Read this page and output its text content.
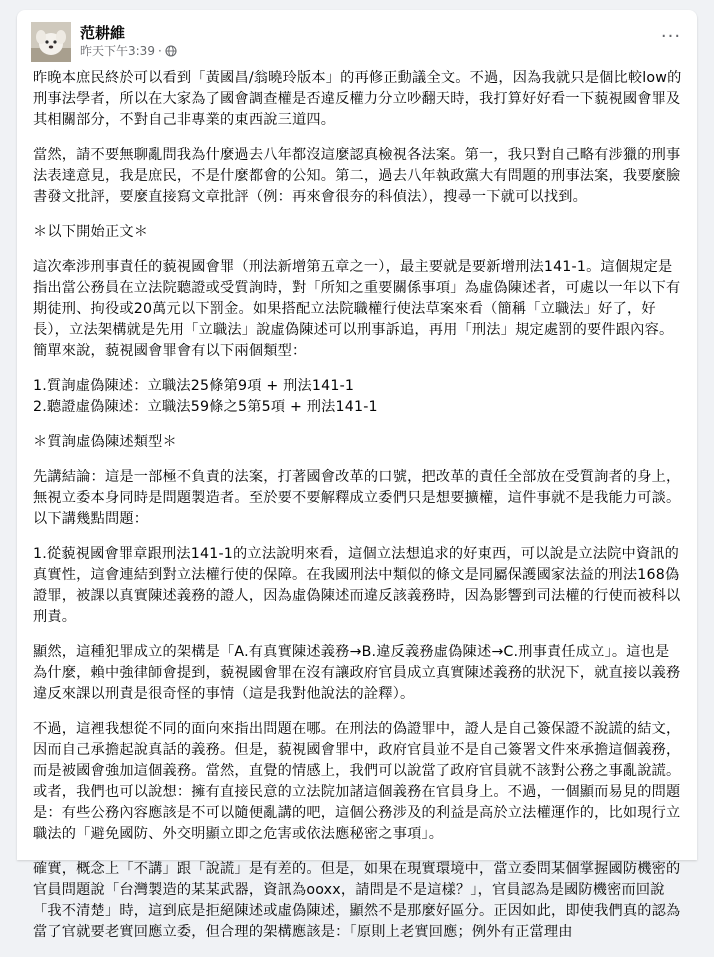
范耕維
昨天下午3:39 ·
···

昨晚本庶民終於可以看到「黃國昌/翁曉玲版本」的再修正動議全文。不過，因為我就只是個比較low的刑事法學者，所以在大家為了國會調查權是否違反權力分立吵翻天時，我打算好好看一下藐視國會罪及其相關部分，不對自己非專業的東西說三道四。

當然，請不要無聊亂問我為什麼過去八年都沒這麼認真檢視各法案。第一，我只對自己略有涉獵的刑事法表達意見，我是庶民，不是什麼都會的公知。第二，過去八年執政黨大有問題的刑事法案，我要麼臉書發文批評，要麼直接寫文章批評（例：再來會很夯的科偵法），搜尋一下就可以找到。

＊以下開始正文＊

這次牽涉刑事責任的藐視國會罪（刑法新增第五章之一），最主要就是要新增刑法141-1。這個規定是指出當公務員在立法院聽證或受質詢時，對「所知之重要關係事項」為虛偽陳述者，可處以一年以下有期徒刑、拘役或20萬元以下罰金。如果搭配立法院職權行使法草案來看（簡稱「立職法」好了，好長），立法架構就是先用「立職法」說虛偽陳述可以刑事訴追，再用「刑法」規定處罰的要件跟內容。簡單來說，藐視國會罪會有以下兩個類型：

1.質詢虛偽陳述：立職法25條第9項 + 刑法141-1

2.聽證虛偽陳述：立職法59條之5第5項 + 刑法141-1

＊質詢虛偽陳述類型＊

先講結論：這是一部極不負責的法案，打著國會改革的口號，把改革的責任全部放在受質詢者的身上，無視立委本身同時是問題製造者。至於要不要解釋成立委們只是想要擴權，這件事就不是我能力可談。以下講幾點問題：

1.從藐視國會罪章跟刑法141-1的立法說明來看，這個立法想追求的好東西，可以說是立法院中資訊的真實性，這會連結到對立法權行使的保障。在我國刑法中類似的條文是同屬保護國家法益的刑法168偽證罪，被課以真實陳述義務的證人，因為虛偽陳述而違反該義務時，因為影響到司法權的行使而被科以刑責。

顯然，這種犯罪成立的架構是「A.有真實陳述義務→B.違反義務虛偽陳述→C.刑事責任成立」。這也是為什麼，賴中強律師會提到，藐視國會罪在沒有讓政府官員成立真實陳述義務的狀況下，就直接以義務違反來課以刑責是很奇怪的事情（這是我對他說法的詮釋）。

不過，這裡我想從不同的面向來指出問題在哪。在刑法的偽證罪中，證人是自己簽保證不說謊的結文，因而自己承擔起說真話的義務。但是，藐視國會罪中，政府官員並不是自己簽署文件來承擔這個義務，而是被國會強加這個義務。當然，直覺的情感上，我們可以說當了政府官員就不該對公務之事亂說謊。或者，我們也可以說想：擁有直接民意的立法院加諸這個義務在官員身上。不過，一個顯而易見的問題是：有些公務內容應該是不可以隨便亂講的吧，這個公務涉及的利益是高於立法權運作的，比如現行立職法的「避免國防、外交明顯立即之危害或依法應秘密之事項」。

確實，概念上「不講」跟「說謊」是有差的。但是，如果在現實環境中，當立委問某個掌握國防機密的官員問題說「台灣製造的某某武器，資訊為ooxx，請問是不是這樣？」，官員認為是國防機密而回說「我不清楚」時，這到底是拒絕陳述或虛偽陳述，顯然不是那麼好區分。正因如此，即使我們真的認為當了官就要老實回應立委，但合理的架構應該是：「原則上老實回應；例外有正當理由
